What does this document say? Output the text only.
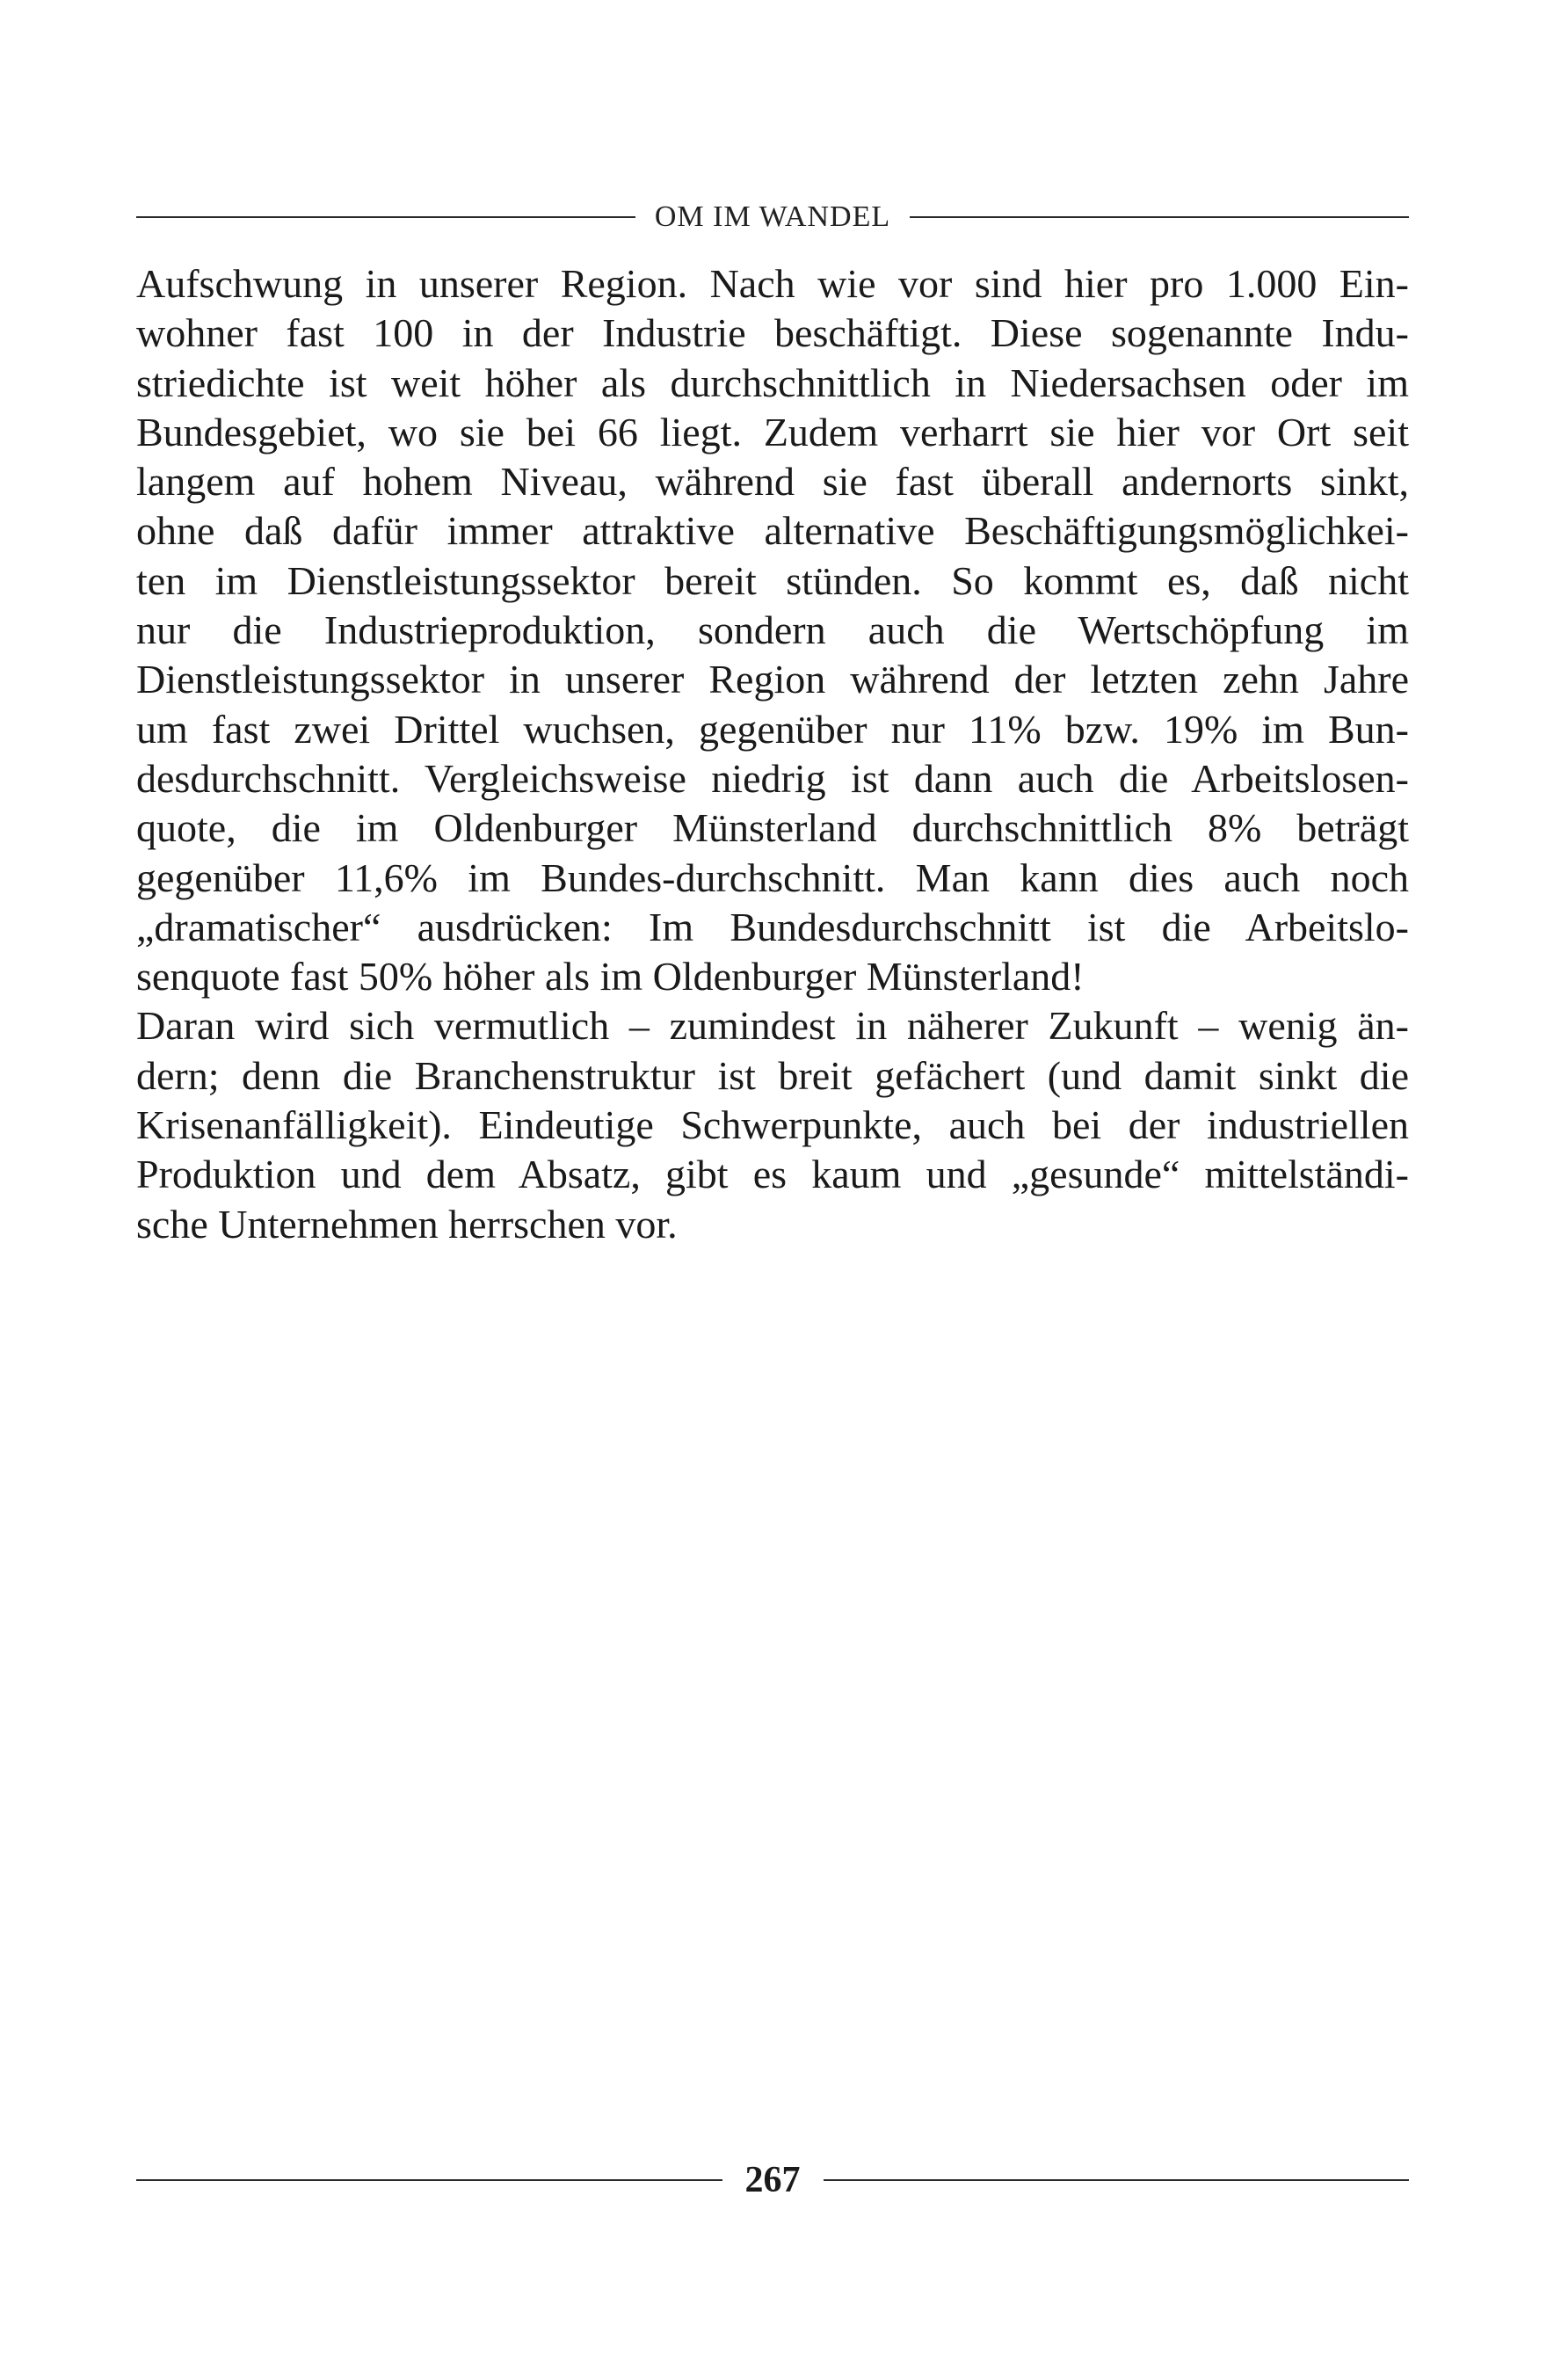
OM IM WANDEL
Aufschwung in unserer Region. Nach wie vor sind hier pro 1.000 Ein-
wohner fast 100 in der Industrie beschäftigt. Diese sogenannte Indu-
striedichte ist weit höher als durchschnittlich in Niedersachsen oder im
Bundesgebiet, wo sie bei 66 liegt. Zudem verharrt sie hier vor Ort seit
langem auf hohem Niveau, während sie fast überall andernorts sinkt,
ohne daß dafür immer attraktive alternative Beschäftigungsmöglichkei-
ten im Dienstleistungssektor bereit stünden. So kommt es, daß nicht
nur die Industrieproduktion, sondern auch die Wertschöpfung im
Dienstleistungssektor in unserer Region während der letzten zehn Jahre
um fast zwei Drittel wuchsen, gegenüber nur 11% bzw. 19% im Bun-
desdurchschnitt. Vergleichsweise niedrig ist dann auch die Arbeitslosen-
quote, die im Oldenburger Münsterland durchschnittlich 8% beträgt
gegenüber 11,6% im Bundes-durchschnitt. Man kann dies auch noch
„dramatischer“ ausdrücken: Im Bundesdurchschnitt ist die Arbeitslo-
senquote fast 50% höher als im Oldenburger Münsterland!
Daran wird sich vermutlich – zumindest in näherer Zukunft – wenig än-
dern; denn die Branchenstruktur ist breit gefächert (und damit sinkt die
Krisenanfälligkeit). Eindeutige Schwerpunkte, auch bei der industriellen
Produktion und dem Absatz, gibt es kaum und „gesunde“ mittelständi-
sche Unternehmen herrschen vor.
267
